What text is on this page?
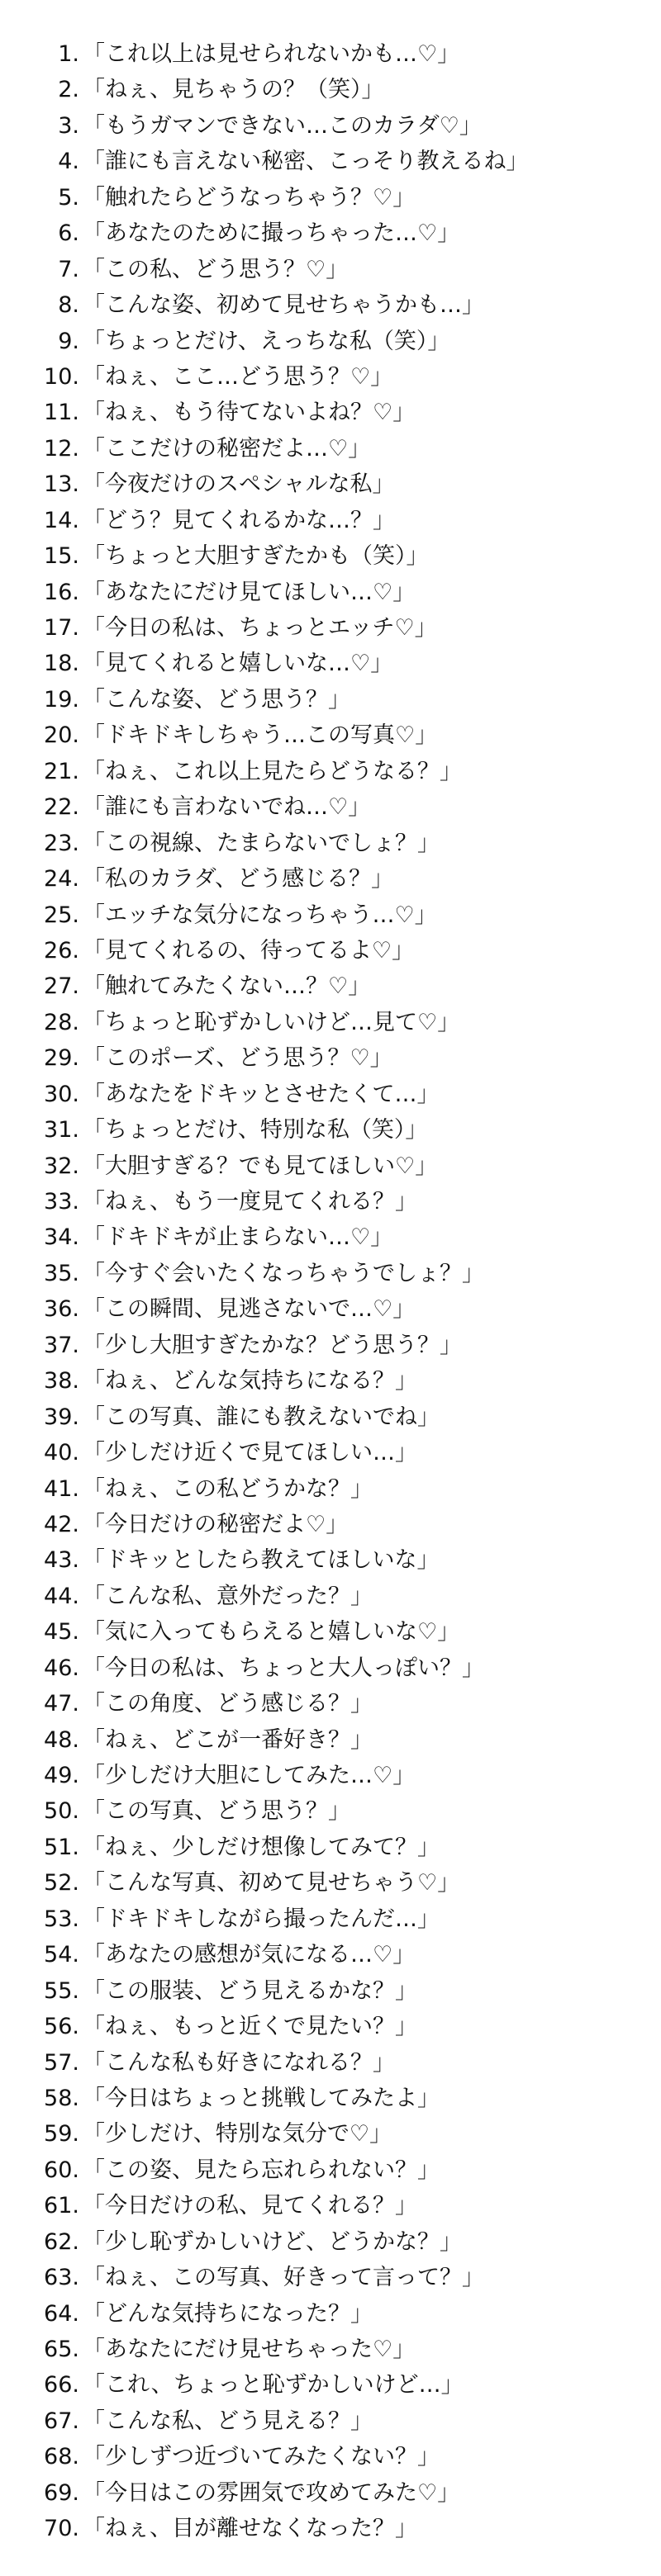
1. 「これ以上は見せられないかも…♡」
2. 「ねぇ、見ちゃうの？（笑）」
3. 「もうガマンできない…このカラダ♡」
4. 「誰にも言えない秘密、こっそり教えるね」
5. 「触れたらどうなっちゃう？♡」
6. 「あなたのために撮っちゃった…♡」
7. 「この私、どう思う？♡」
8. 「こんな姿、初めて見せちゃうかも…」
9. 「ちょっとだけ、えっちな私（笑）」
10. 「ねぇ、ここ…どう思う？♡」
11. 「ねぇ、もう待てないよね？♡」
12. 「ここだけの秘密だよ…♡」
13. 「今夜だけのスペシャルな私」
14. 「どう？見てくれるかな…？」
15. 「ちょっと大胆すぎたかも（笑）」
16. 「あなたにだけ見てほしい…♡」
17. 「今日の私は、ちょっとエッチ♡」
18. 「見てくれると嬉しいな…♡」
19. 「こんな姿、どう思う？」
20. 「ドキドキしちゃう…この写真♡」
21. 「ねぇ、これ以上見たらどうなる？」
22. 「誰にも言わないでね…♡」
23. 「この視線、たまらないでしょ？」
24. 「私のカラダ、どう感じる？」
25. 「エッチな気分になっちゃう…♡」
26. 「見てくれるの、待ってるよ♡」
27. 「触れてみたくない…？♡」
28. 「ちょっと恥ずかしいけど…見て♡」
29. 「このポーズ、どう思う？♡」
30. 「あなたをドキッとさせたくて…」
31. 「ちょっとだけ、特別な私（笑）」
32. 「大胆すぎる？でも見てほしい♡」
33. 「ねぇ、もう一度見てくれる？」
34. 「ドキドキが止まらない…♡」
35. 「今すぐ会いたくなっちゃうでしょ？」
36. 「この瞬間、見逃さないで…♡」
37. 「少し大胆すぎたかな？どう思う？」
38. 「ねぇ、どんな気持ちになる？」
39. 「この写真、誰にも教えないでね」
40. 「少しだけ近くで見てほしい…」
41. 「ねぇ、この私どうかな？」
42. 「今日だけの秘密だよ♡」
43. 「ドキッとしたら教えてほしいな」
44. 「こんな私、意外だった？」
45. 「気に入ってもらえると嬉しいな♡」
46. 「今日の私は、ちょっと大人っぽい？」
47. 「この角度、どう感じる？」
48. 「ねぇ、どこが一番好き？」
49. 「少しだけ大胆にしてみた…♡」
50. 「この写真、どう思う？」
51. 「ねぇ、少しだけ想像してみて？」
52. 「こんな写真、初めて見せちゃう♡」
53. 「ドキドキしながら撮ったんだ…」
54. 「あなたの感想が気になる…♡」
55. 「この服装、どう見えるかな？」
56. 「ねぇ、もっと近くで見たい？」
57. 「こんな私も好きになれる？」
58. 「今日はちょっと挑戦してみたよ」
59. 「少しだけ、特別な気分で♡」
60. 「この姿、見たら忘れられない？」
61. 「今日だけの私、見てくれる？」
62. 「少し恥ずかしいけど、どうかな？」
63. 「ねぇ、この写真、好きって言って？」
64. 「どんな気持ちになった？」
65. 「あなたにだけ見せちゃった♡」
66. 「これ、ちょっと恥ずかしいけど…」
67. 「こんな私、どう見える？」
68. 「少しずつ近づいてみたくない？」
69. 「今日はこの雰囲気で攻めてみた♡」
70. 「ねぇ、目が離せなくなった？」
